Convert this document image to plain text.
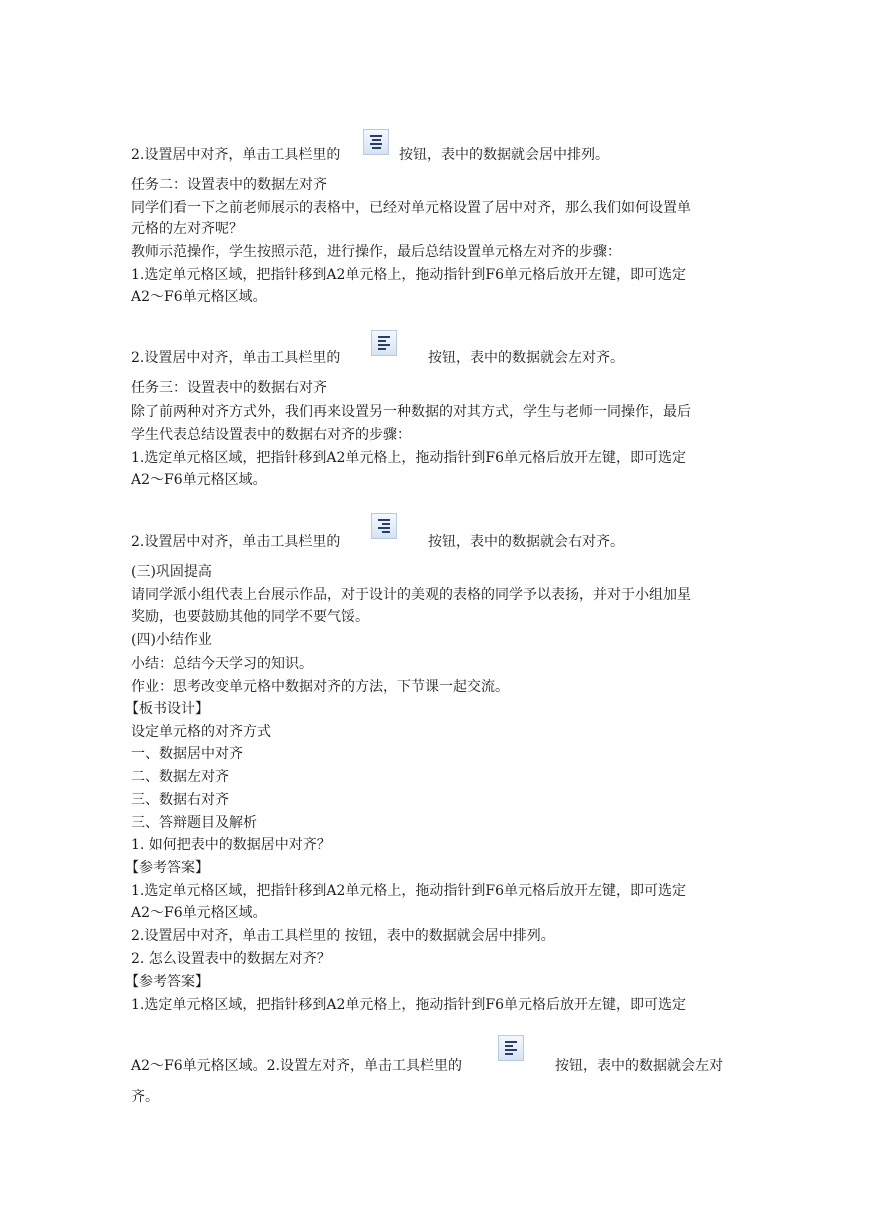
2.设置居中对齐，单击工具栏里的	按钮，表中的数据就会居中排列。
任务二：设置表中的数据左对齐
同学们看一下之前老师展示的表格中，已经对单元格设置了居中对齐，那么我们如何设置单
元格的左对齐呢？
教师示范操作，学生按照示范，进行操作，最后总结设置单元格左对齐的步骤：
1.选定单元格区域，把指针移到A2单元格上，拖动指针到F6单元格后放开左键，即可选定
A2～F6单元格区域。
2.设置居中对齐，单击工具栏里的	按钮，表中的数据就会左对齐。
任务三：设置表中的数据右对齐
除了前两种对齐方式外，我们再来设置另一种数据的对其方式，学生与老师一同操作，最后
学生代表总结设置表中的数据右对齐的步骤：
1.选定单元格区域，把指针移到A2单元格上，拖动指针到F6单元格后放开左键，即可选定
A2～F6单元格区域。
2.设置居中对齐，单击工具栏里的	按钮，表中的数据就会右对齐。
(三)巩固提高
请同学派小组代表上台展示作品，对于设计的美观的表格的同学予以表扬，并对于小组加星
奖励，也要鼓励其他的同学不要气馁。
(四)小结作业
小结：总结今天学习的知识。
作业：思考改变单元格中数据对齐的方法，下节课一起交流。
【板书设计】
设定单元格的对齐方式
一、数据居中对齐
二、数据左对齐
三、数据右对齐
三、答辩题目及解析
1. 如何把表中的数据居中对齐？
【参考答案】
1.选定单元格区域，把指针移到A2单元格上，拖动指针到F6单元格后放开左键，即可选定
A2～F6单元格区域。
2.设置居中对齐，单击工具栏里的 按钮，表中的数据就会居中排列。
2. 怎么设置表中的数据左对齐？
【参考答案】
1.选定单元格区域，把指针移到A2单元格上，拖动指针到F6单元格后放开左键，即可选定
A2～F6单元格区域。2.设置左对齐，单击工具栏里的	按钮，表中的数据就会左对
齐。
